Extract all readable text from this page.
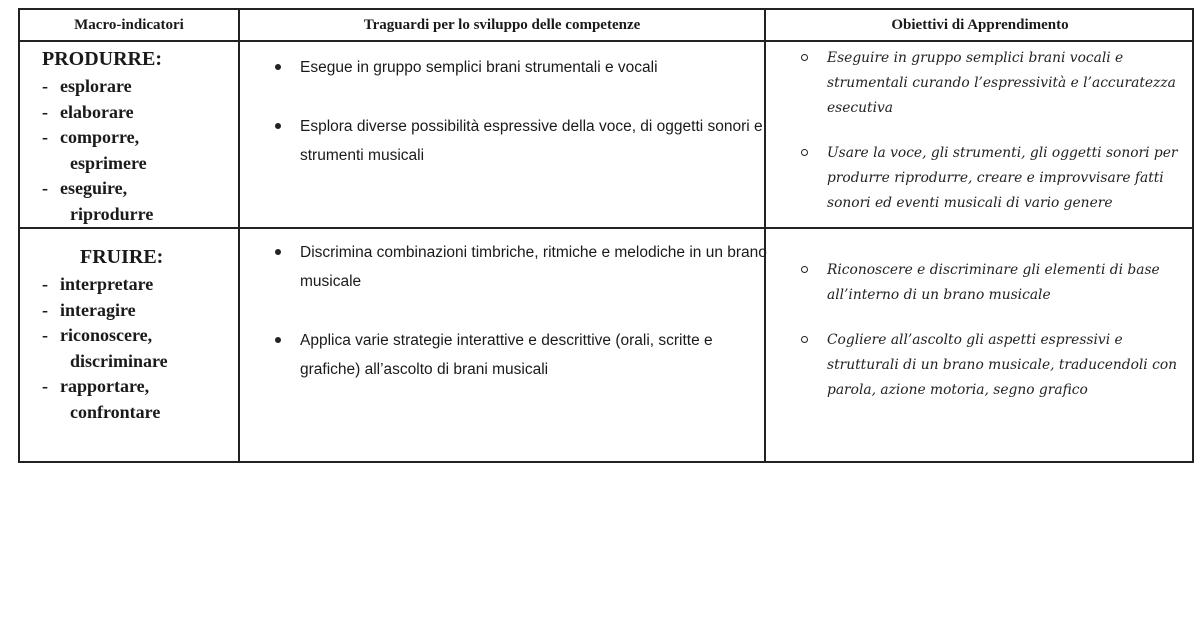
Macro-indicatori	Traguardi per lo sviluppo delle competenze	Obiettivi di Apprendimento
PRODURRE:
- esplorare
- elaborare
- comporre,
esprimere
- eseguire,
riprodurre
Esegue in gruppo semplici brani strumentali e vocali
Esplora diverse possibilità espressive della voce, di oggetti sonori e strumenti musicali
Eseguire in gruppo semplici brani vocali e strumentali curando l’espressività e l’accuratezza esecutiva
Usare la voce, gli strumenti, gli oggetti sonori per produrre riprodurre, creare e improvvisare fatti sonori ed eventi musicali di vario genere
FRUIRE:
- interpretare
- interagire
- riconoscere,
discriminare
- rapportare,
confrontare
Discrimina combinazioni timbriche, ritmiche e melodiche in un brano musicale
Applica varie strategie interattive e descrittive (orali, scritte e grafiche) all’ascolto di brani musicali
Riconoscere e discriminare gli elementi di base all’interno di un brano musicale
Cogliere all’ascolto gli aspetti espressivi e strutturali di un brano musicale, traducendoli con parola, azione motoria, segno grafico
